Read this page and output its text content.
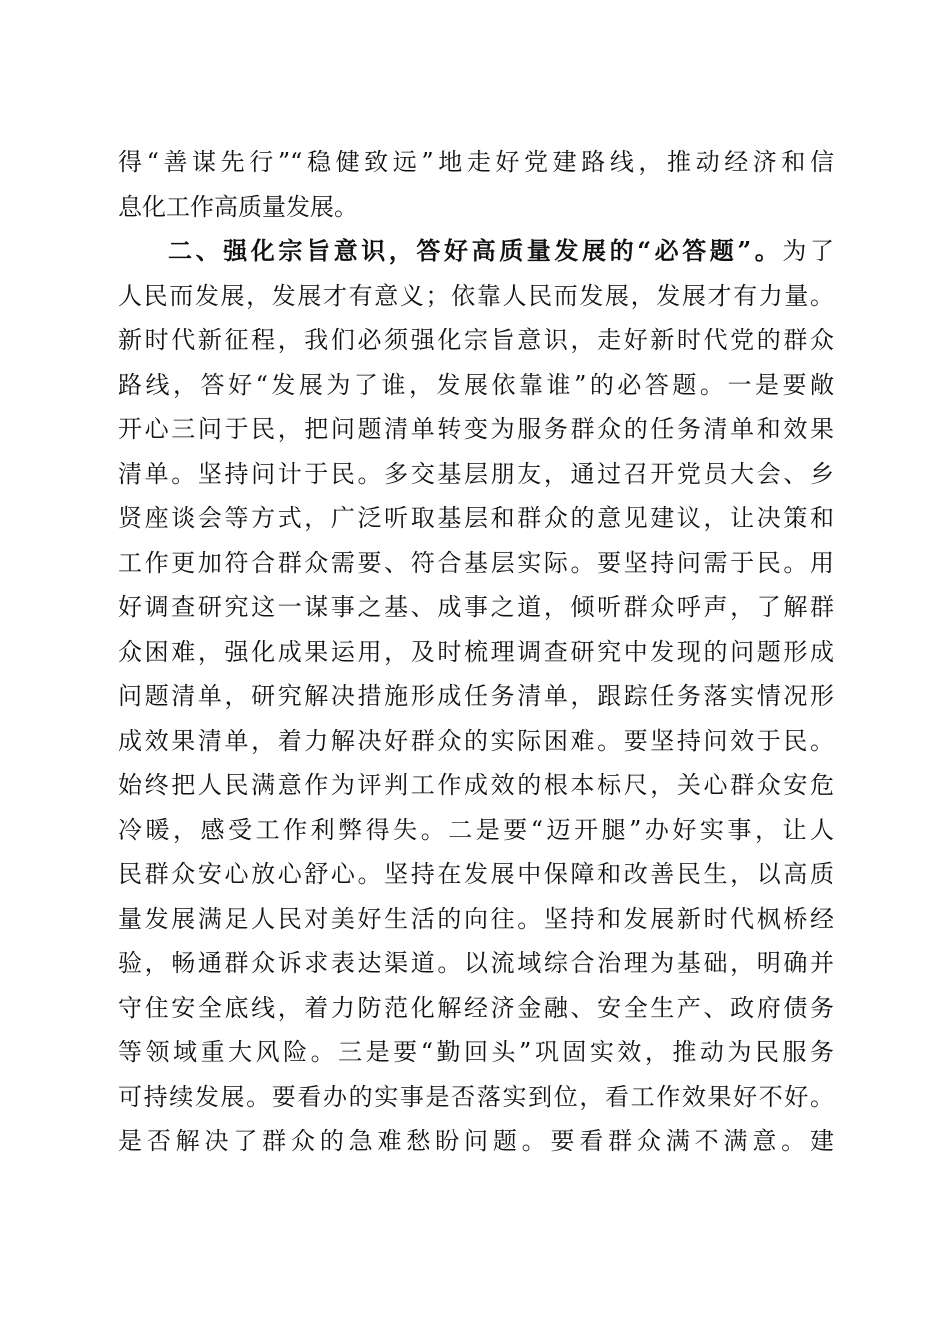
得“善谋先行”“稳健致远”地走好党建路线，推动经济和信
息化工作高质量发展。
二、强化宗旨意识，答好高质量发展的“必答题”。为了
人民而发展，发展才有意义；依靠人民而发展，发展才有力量。
新时代新征程，我们必须强化宗旨意识，走好新时代党的群众
路线，答好“发展为了谁，发展依靠谁”的必答题。一是要敞
开心三问于民，把问题清单转变为服务群众的任务清单和效果
清单。坚持问计于民。多交基层朋友，通过召开党员大会、乡
贤座谈会等方式，广泛听取基层和群众的意见建议，让决策和
工作更加符合群众需要、符合基层实际。要坚持问需于民。用
好调查研究这一谋事之基、成事之道，倾听群众呼声，了解群
众困难，强化成果运用，及时梳理调查研究中发现的问题形成
问题清单，研究解决措施形成任务清单，跟踪任务落实情况形
成效果清单，着力解决好群众的实际困难。要坚持问效于民。
始终把人民满意作为评判工作成效的根本标尺，关心群众安危
冷暖，感受工作利弊得失。二是要“迈开腿”办好实事，让人
民群众安心放心舒心。坚持在发展中保障和改善民生，以高质
量发展满足人民对美好生活的向往。坚持和发展新时代枫桥经
验，畅通群众诉求表达渠道。以流域综合治理为基础，明确并
守住安全底线，着力防范化解经济金融、安全生产、政府债务
等领域重大风险。三是要“勤回头”巩固实效，推动为民服务
可持续发展。要看办的实事是否落实到位，看工作效果好不好。
是否解决了群众的急难愁盼问题。要看群众满不满意。建
